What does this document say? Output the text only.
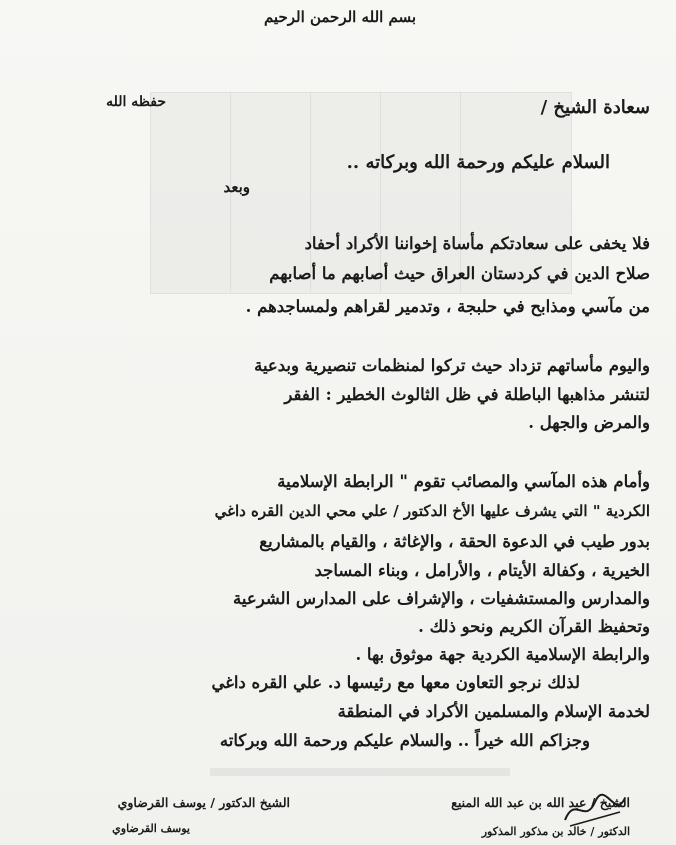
بسم الله الرحمن الرحيم
حفظه الله	سعادة الشيخ /
السلام عليكم ورحمة الله وبركاته ..
وبعد
فلا يخفى على سعادتكم مأساة إخواننا الأكراد أحفاد
صلاح الدين في كردستان العراق حيث أصابهم ما أصابهم
من مآسي ومذابح في حلبجة ، وتدمير لقراهم ولمساجدهم .
واليوم مأساتهم تزداد حيث تركوا لمنظمات تنصيرية وبدعية
لتنشر مذاهبها الباطلة في ظل الثالوث الخطير : الفقر
والمرض والجهل .
وأمام هذه المآسي والمصائب تقوم " الرابطة الإسلامية
الكردية " التي يشرف عليها الأخ الدكتور / علي محي الدين القره داغي
بدور طيب في الدعوة الحقة ، والإغاثة ، والقيام بالمشاريع
الخيرية ، وكفالة الأيتام ، والأرامل ، وبناء المساجد
والمدارس والمستشفيات ، والإشراف على المدارس الشرعية
وتحفيظ القرآن الكريم ونحو ذلك .
والرابطة الإسلامية الكردية جهة موثوق بها .
لذلك نرجو التعاون معها مع رئيسها د. علي القره داغي
لخدمة الإسلام والمسلمين الأكراد في المنطقة
وجزاكم الله خيراً .. والسلام عليكم ورحمة الله وبركاته
الشيخ / عبد الله بن عبد الله المنيع
الدكتور / خالد بن مذكور المذكور
الشيخ الدكتور / يوسف القرضاوي
يوسف القرضاوي
